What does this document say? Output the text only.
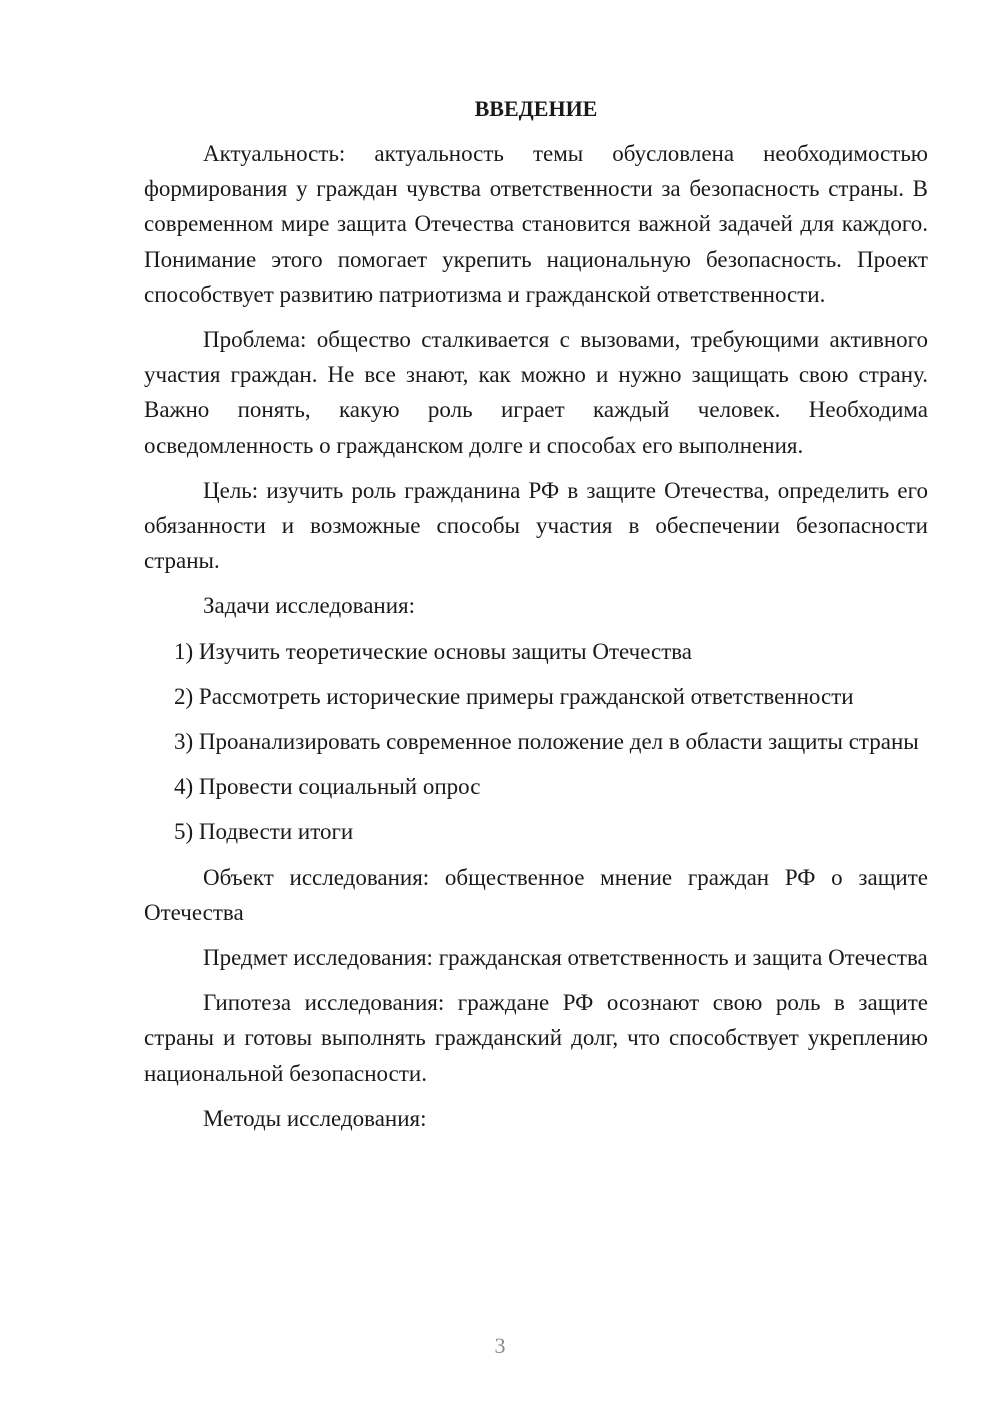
ВВЕДЕНИЕ

Актуальность: актуальность темы обусловлена необходимостью формирования у граждан чувства ответственности за безопасность страны. В современном мире защита Отечества становится важной задачей для каждого. Понимание этого помогает укрепить национальную безопасность. Проект способствует развитию патриотизма и гражданской ответственности.

Проблема: общество сталкивается с вызовами, требующими активного участия граждан. Не все знают, как можно и нужно защищать свою страну. Важно понять, какую роль играет каждый человек. Необходима осведомленность о гражданском долге и способах его выполнения.

Цель: изучить роль гражданина РФ в защите Отечества, определить его обязанности и возможные способы участия в обеспечении безопасности страны.

Задачи исследования:

1) Изучить теоретические основы защиты Отечества

2) Рассмотреть исторические примеры гражданской ответственности

3) Проанализировать современное положение дел в области защиты страны

4) Провести социальный опрос

5) Подвести итоги

Объект исследования: общественное мнение граждан РФ о защите Отечества

Предмет исследования: гражданская ответственность и защита Отечества

Гипотеза исследования: граждане РФ осознают свою роль в защите страны и готовы выполнять гражданский долг, что способствует укреплению национальной безопасности.

Методы исследования:

3
